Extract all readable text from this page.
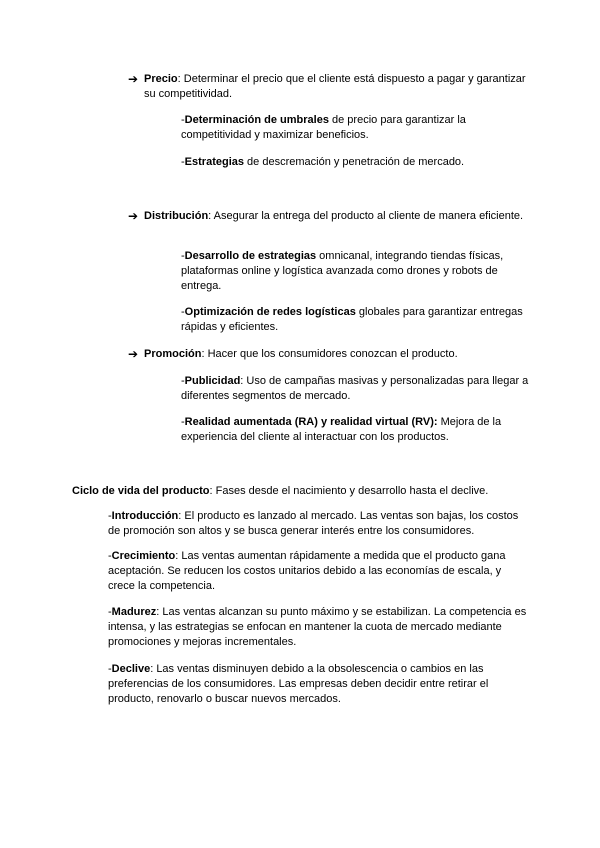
➔ Precio: Determinar el precio que el cliente está dispuesto a pagar y garantizar su competitividad.

-Determinación de umbrales de precio para garantizar la competitividad y maximizar beneficios.

-Estrategias de descremación y penetración de mercado.

➔ Distribución: Asegurar la entrega del producto al cliente de manera eficiente.

-Desarrollo de estrategias omnicanal, integrando tiendas físicas, plataformas online y logística avanzada como drones y robots de entrega.

-Optimización de redes logísticas globales para garantizar entregas rápidas y eficientes.

➔ Promoción: Hacer que los consumidores conozcan el producto.

-Publicidad: Uso de campañas masivas y personalizadas para llegar a diferentes segmentos de mercado.

-Realidad aumentada (RA) y realidad virtual (RV): Mejora de la experiencia del cliente al interactuar con los productos.

Ciclo de vida del producto: Fases desde el nacimiento y desarrollo hasta el declive.

-Introducción: El producto es lanzado al mercado. Las ventas son bajas, los costos de promoción son altos y se busca generar interés entre los consumidores.

-Crecimiento: Las ventas aumentan rápidamente a medida que el producto gana aceptación. Se reducen los costos unitarios debido a las economías de escala, y crece la competencia.

-Madurez: Las ventas alcanzan su punto máximo y se estabilizan. La competencia es intensa, y las estrategias se enfocan en mantener la cuota de mercado mediante promociones y mejoras incrementales.

-Declive: Las ventas disminuyen debido a la obsolescencia o cambios en las preferencias de los consumidores. Las empresas deben decidir entre retirar el producto, renovarlo o buscar nuevos mercados.
